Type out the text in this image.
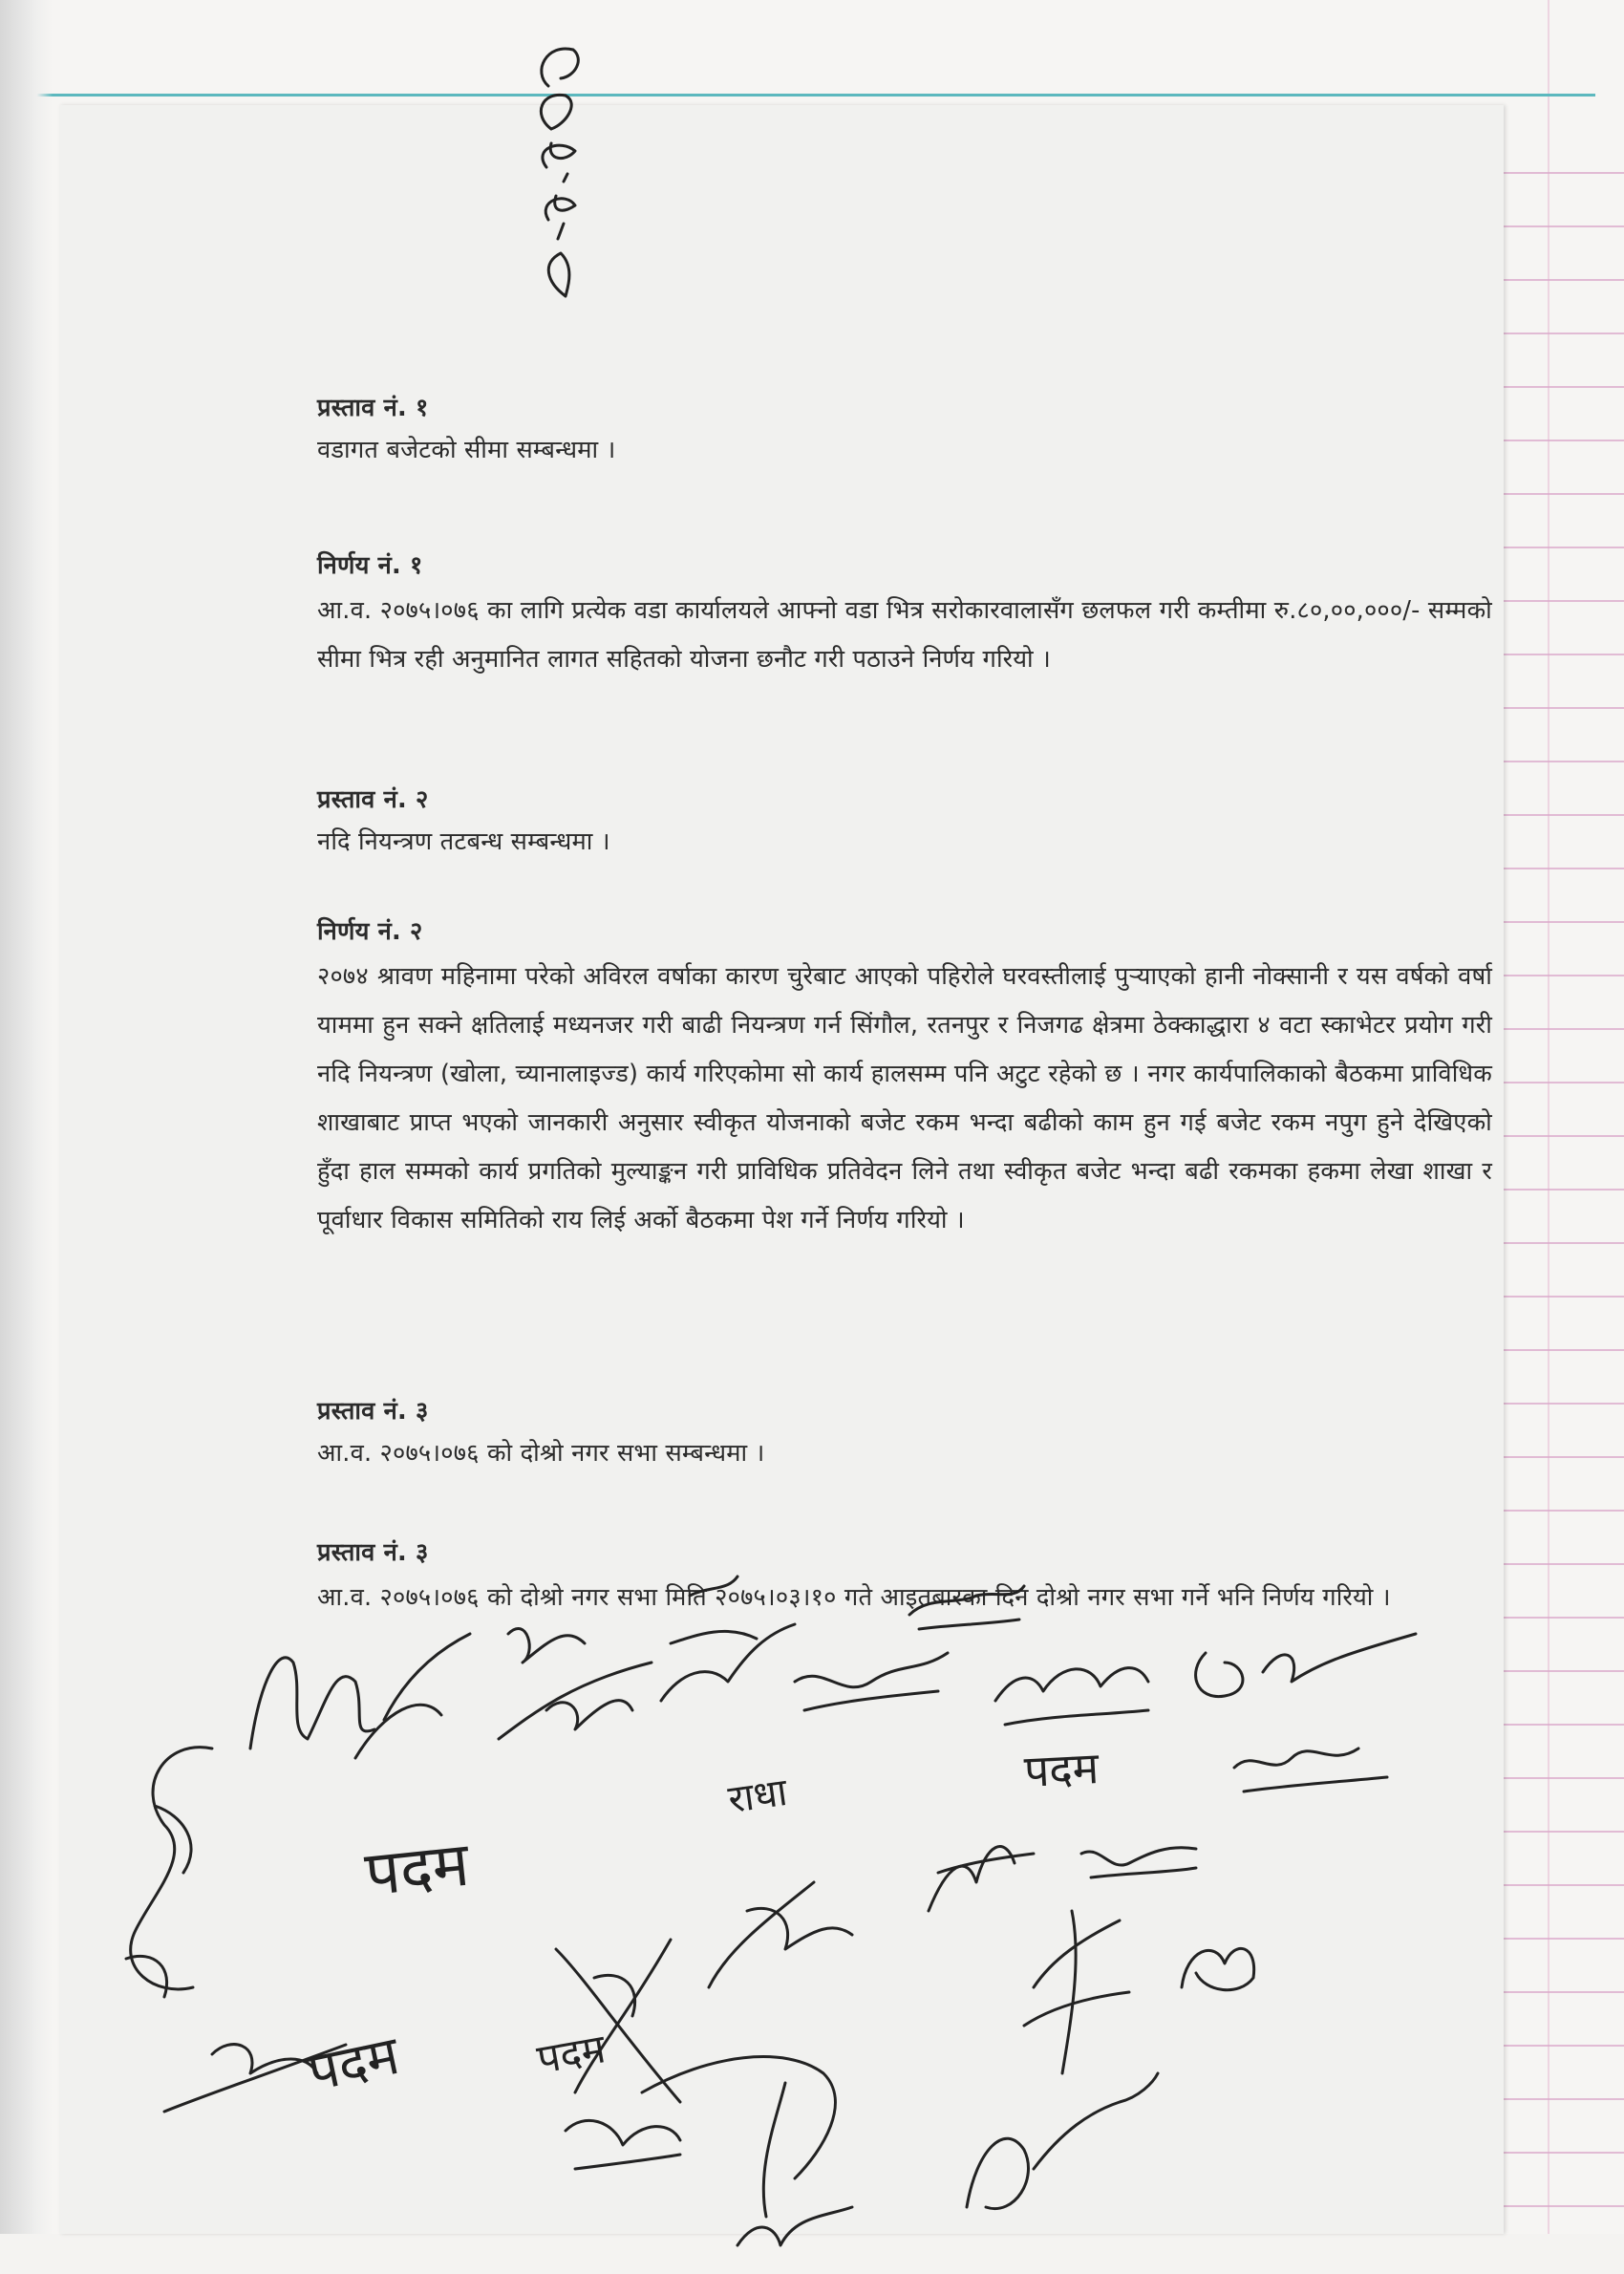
प्रस्ताव नं. १

वडागत बजेटको सीमा सम्बन्धमा ।

निर्णय नं. १

आ.व. २०७५।०७६ का लागि प्रत्येक वडा कार्यालयले आफ्नो वडा भित्र सरोकारवालासँग छलफल गरी कम्तीमा रु.८०,००,०००/- सम्मको सीमा भित्र रही अनुमानित लागत सहितको योजना छनौट गरी पठाउने निर्णय गरियो ।

प्रस्ताव नं. २

नदि नियन्त्रण तटबन्ध सम्बन्धमा ।

निर्णय नं. २

२०७४ श्रावण महिनामा परेको अविरल वर्षाका कारण चुरेबाट आएको पहिरोले घरवस्तीलाई पुऱ्याएको हानी नोक्सानी र यस वर्षको वर्षा याममा हुन सक्ने क्षतिलाई मध्यनजर गरी बाढी नियन्त्रण गर्न सिंगौल, रतनपुर र निजगढ क्षेत्रमा ठेक्काद्धारा ४ वटा स्काभेटर प्रयोग गरी नदि नियन्त्रण (खोला, च्यानालाइज्ड) कार्य गरिएकोमा सो कार्य हालसम्म पनि अटुट रहेको छ । नगर कार्यपालिकाको बैठकमा प्राविधिक शाखाबाट प्राप्त भएको जानकारी अनुसार स्वीकृत योजनाको बजेट रकम भन्दा बढीको काम हुन गई बजेट रकम नपुग हुने देखिएको हुँदा हाल सम्मको कार्य प्रगतिको मुल्याङ्कन गरी प्राविधिक प्रतिवेदन लिने तथा स्वीकृत बजेट भन्दा बढी रकमका हकमा लेखा शाखा र पूर्वाधार विकास समितिको राय लिई अर्को बैठकमा पेश गर्ने निर्णय गरियो ।

प्रस्ताव नं. ३

आ.व. २०७५।०७६ को दोश्रो नगर सभा सम्बन्धमा ।

प्रस्ताव नं. ३

आ.व. २०७५।०७६ को दोश्रो नगर सभा मिति २०७५।०३।१० गते आइतबारका दिन दोश्रो नगर सभा गर्ने भनि निर्णय गरियो ।

पदम
राधा
पदम
पदम
पदम
